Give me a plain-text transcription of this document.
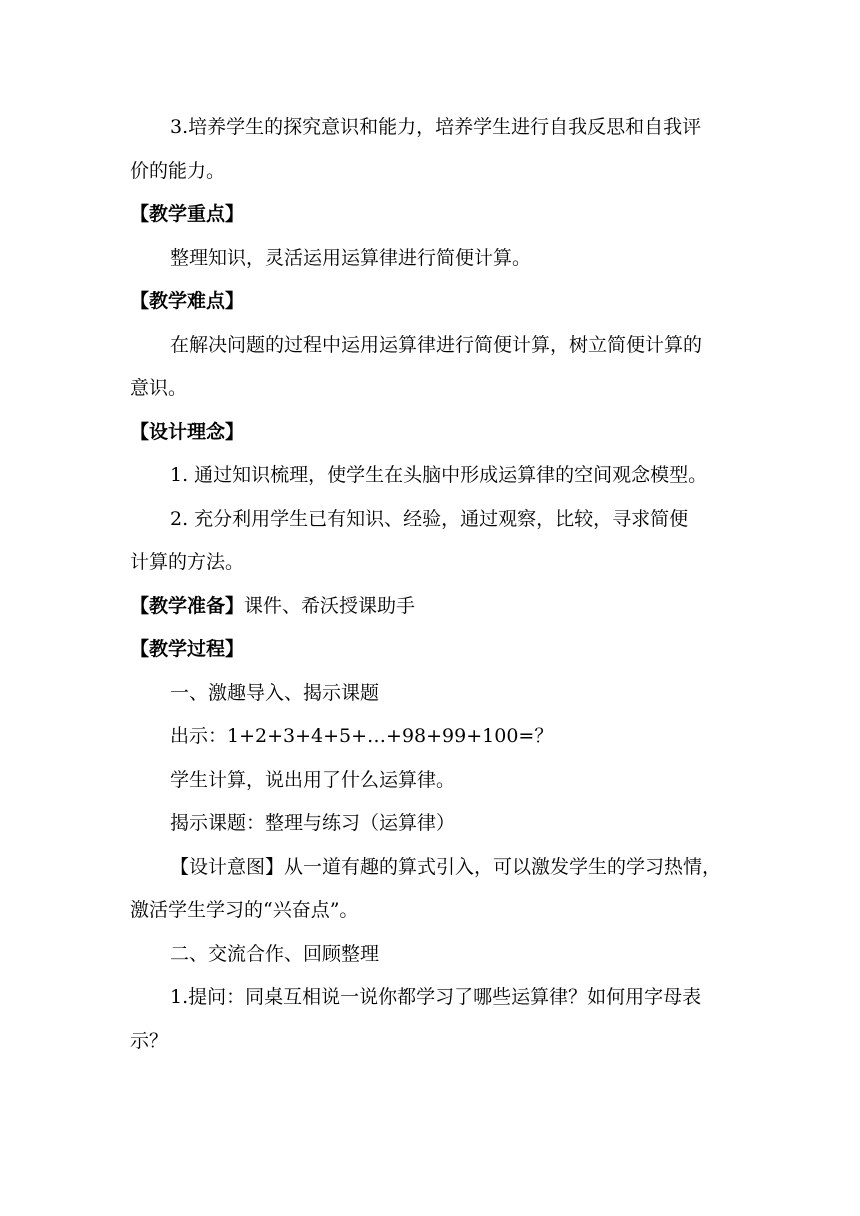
3.培养学生的探究意识和能力，培养学生进行自我反思和自我评
价的能力。
【教学重点】
整理知识，灵活运用运算律进行简便计算。
【教学难点】
在解决问题的过程中运用运算律进行简便计算，树立简便计算的
意识。
【设计理念】
1. 通过知识梳理，使学生在头脑中形成运算律的空间观念模型。
2. 充分利用学生已有知识、经验，通过观察，比较，寻求简便
计算的方法。
【教学准备】课件、希沃授课助手
【教学过程】
一、激趣导入、揭示课题
出示：1+2+3+4+5+…+98+99+100=？
学生计算，说出用了什么运算律。
揭示课题：整理与练习（运算律）
【设计意图】从一道有趣的算式引入，可以激发学生的学习热情，
激活学生学习的“兴奋点”。
二、交流合作、回顾整理
1.提问：同桌互相说一说你都学习了哪些运算律？如何用字母表
示？
